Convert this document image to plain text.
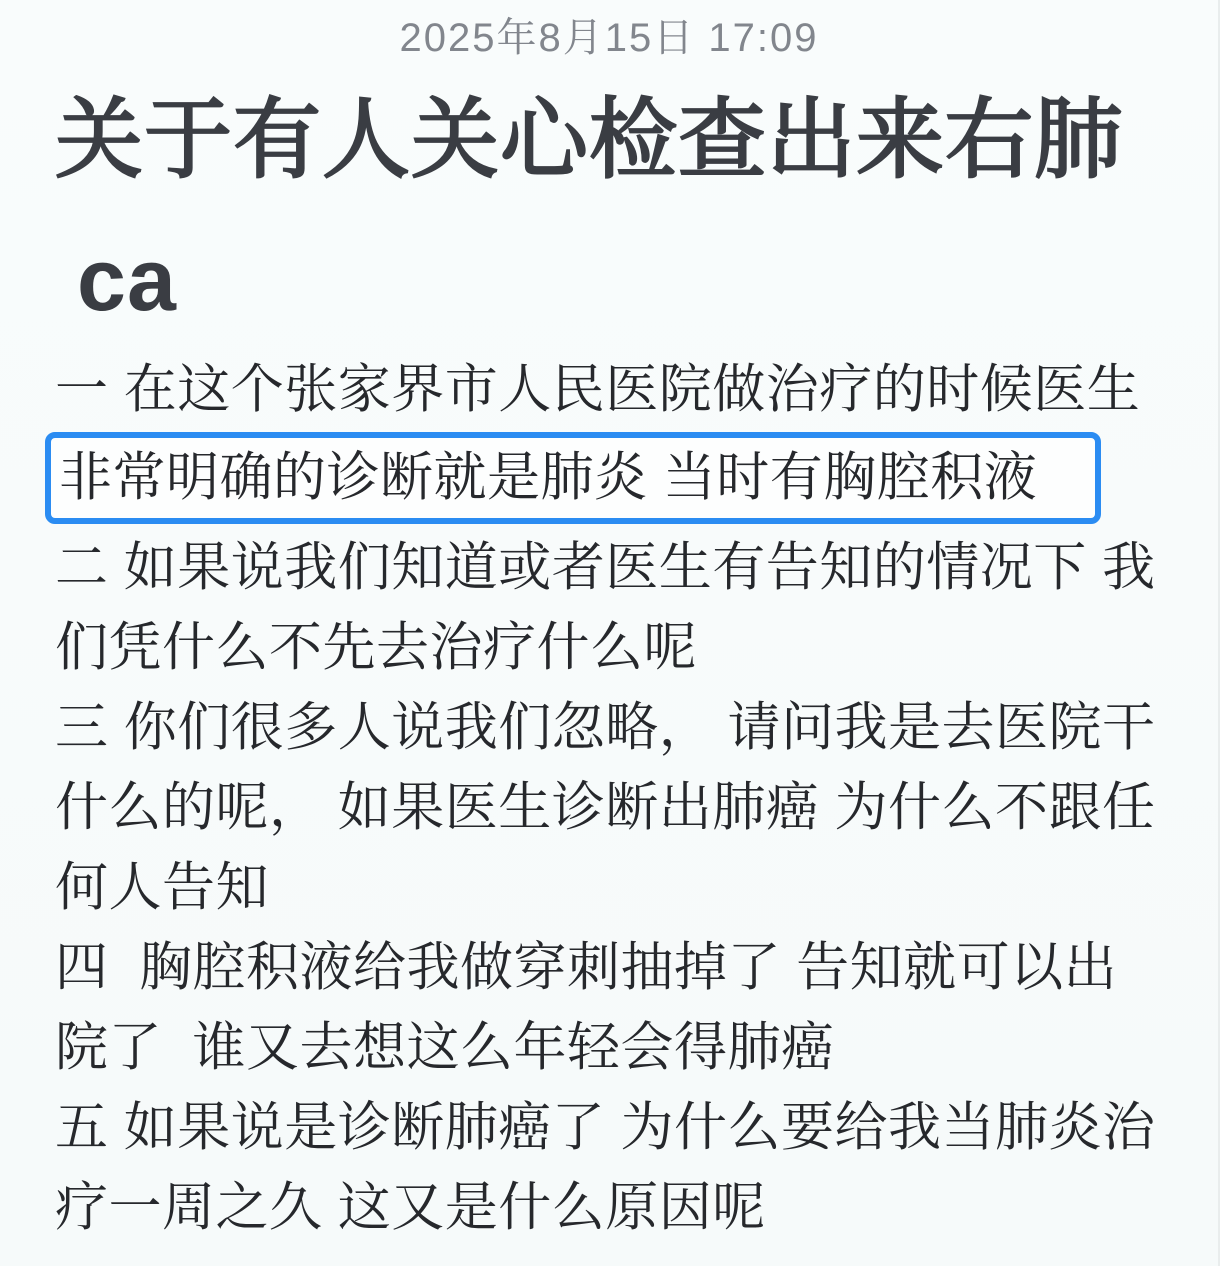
2025年8月15日 17:09
关于有人关心检查出来右肺
ca

一 在这个张家界市人民医院做治疗的时候医生

非常明确的诊断就是肺炎 当时有胸腔积液

二 如果说我们知道或者医生有告知的情况下 我

们凭什么不先去治疗什么呢

三 你们很多人说我们忽略， 请问我是去医院干

什么的呢， 如果医生诊断出肺癌 为什么不跟任

何人告知

四  胸腔积液给我做穿刺抽掉了 告知就可以出

院了  谁又去想这么年轻会得肺癌

五 如果说是诊断肺癌了 为什么要给我当肺炎治

疗一周之久 这又是什么原因呢
